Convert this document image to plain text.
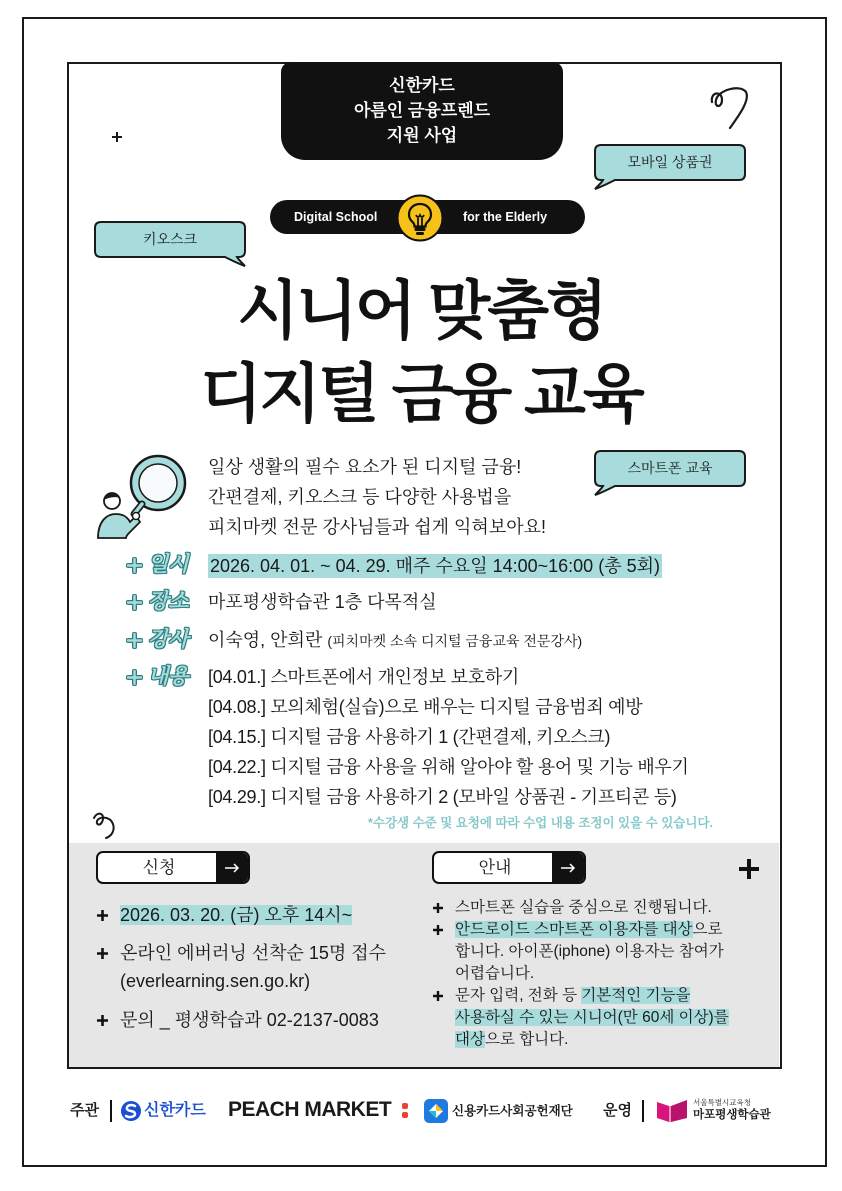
신한카드
아름인 금융프렌드
지원 사업
모바일 상품권
키오스크
스마트폰 교육
Digital School	for the Elderly
시니어 맞춤형
디지털 금융 교육
일상 생활의 필수 요소가 된 디지털 금융!
간편결제, 키오스크 등 다양한 사용법을
피치마켓 전문 강사님들과 쉽게 익혀보아요!
일시 2026. 04. 01. ~ 04. 29. 매주 수요일 14:00~16:00 (총 5회)
장소 마포평생학습관 1층 다목적실
강사 이숙영, 안희란 (피치마켓 소속 디지털 금융교육 전문강사)
내용 [04.01.] 스마트폰에서 개인정보 보호하기
[04.08.] 모의체험(실습)으로 배우는 디지털 금융범죄 예방
[04.15.] 디지털 금융 사용하기 1 (간편결제, 키오스크)
[04.22.] 디지털 금융 사용을 위해 알아야 할 용어 및 기능 배우기
[04.29.] 디지털 금융 사용하기 2 (모바일 상품권 - 기프티콘 등)
*수강생 수준 및 요청에 따라 수업 내용 조정이 있을 수 있습니다.
신청	안내
2026. 03. 20. (금) 오후 14시~
온라인 에버러닝 선착순 15명 접수
(everlearning.sen.go.kr)
문의 _ 평생학습과 02-2137-0083
스마트폰 실습을 중심으로 진행됩니다.
안드로이드 스마트폰 이용자를 대상으로
합니다. 아이폰(iphone) 이용자는 참여가
어렵습니다.
문자 입력, 전화 등 기본적인 기능을
사용하실 수 있는 시니어(만 60세 이상)를
대상으로 합니다.
주관	신한카드 PEACH MARKET	신용카드사회공헌재단 운영	서울특별시교육청
마포평생학습관
